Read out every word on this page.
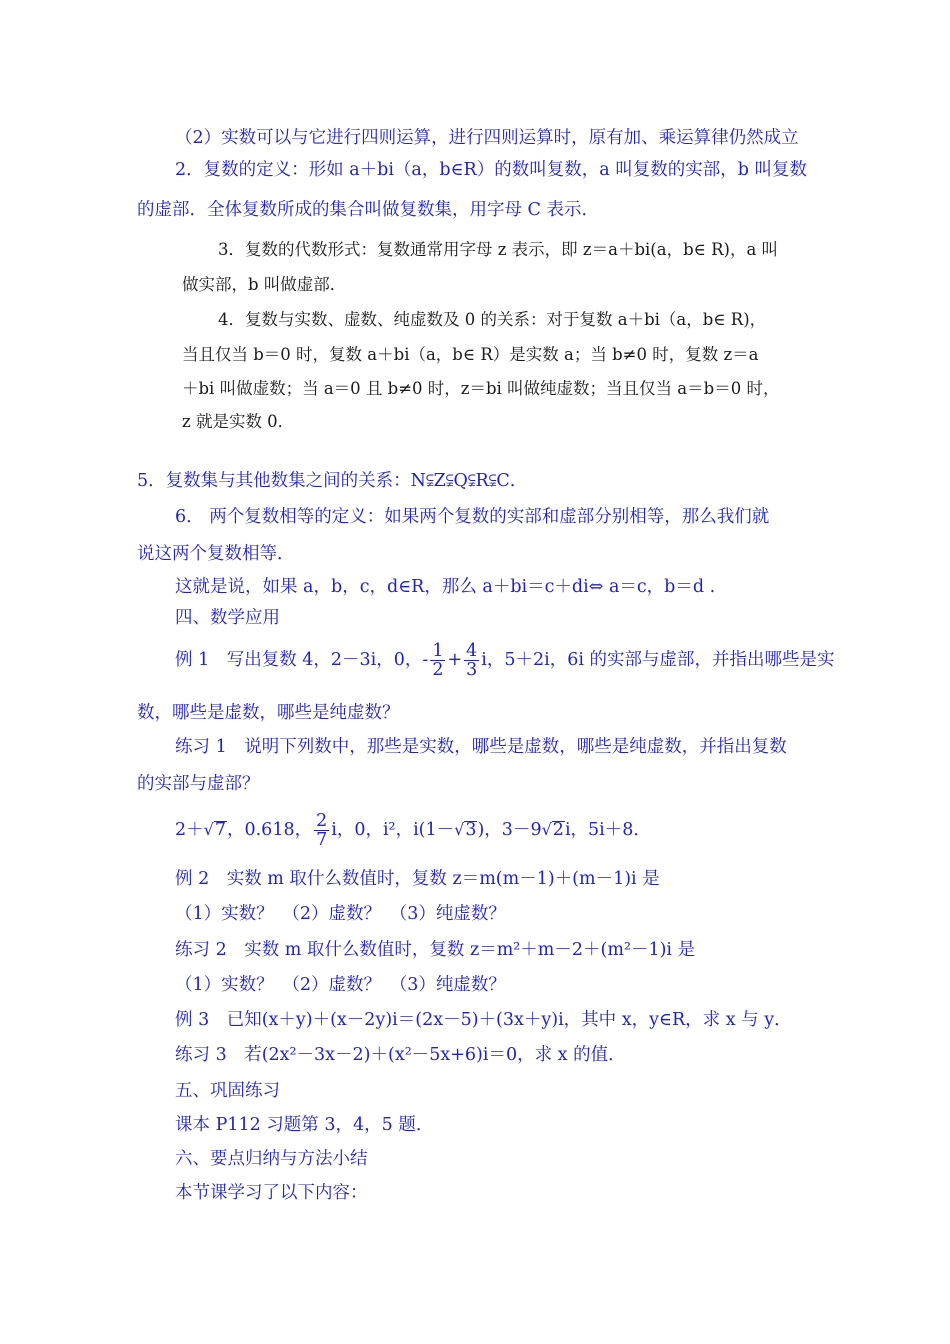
（2）实数可以与它进行四则运算，进行四则运算时，原有加、乘运算律仍然成立
2．复数的定义：形如 a＋bi（a，b∈R）的数叫复数，a 叫复数的实部，b 叫复数
的虚部．全体复数所成的集合叫做复数集，用字母 C 表示．
3．复数的代数形式：复数通常用字母 z 表示，即 z＝a＋bi(a，b∈ R)，a 叫
做实部，b 叫做虚部．
4．复数与实数、虚数、纯虚数及 0 的关系：对于复数 a＋bi（a，b∈ R)，
当且仅当 b＝0 时，复数 a＋bi（a，b∈ R）是实数 a；当 b≠0 时，复数 z＝a
＋bi 叫做虚数；当 a＝0 且 b≠0 时，z＝bi 叫做纯虚数；当且仅当 a＝b＝0 时，
z 就是实数 0．
5．复数集与其他数集之间的关系：N⫋Z⫋Q⫋R⫋C．
6． 两个复数相等的定义：如果两个复数的实部和虚部分别相等，那么我们就
说这两个复数相等．
这就是说，如果 a，b，c，d∈R，那么 a＋bi＝c＋di⇔ a＝c，b＝d .
四、数学应用
例 1　写出复数 4，2－3i，0，- $\frac{1}{2} + \frac{4}{3}$ i，5＋2i，6i 的实部与虚部，并指出哪些是实
数，哪些是虚数，哪些是纯虚数？
练习 1　说明下列数中，那些是实数，哪些是虚数，哪些是纯虚数，并指出复数
的实部与虚部？
2＋√7，0.618， $\frac{2}{7}$ i，0，i²，i(1－√3)，3－9√2i，5i＋8．
例 2　实数 m 取什么数值时，复数 z＝m(m－1)＋(m－1)i 是
（1）实数？　（2）虚数？　（3）纯虚数？
练习 2　实数 m 取什么数值时，复数 z＝m²＋m－2＋(m²－1)i 是
（1）实数？　（2）虚数？　（3）纯虚数？
例 3　已知(x＋y)＋(x－2y)i＝(2x－5)＋(3x＋y)i，其中 x，y∈R，求 x 与 y．
练习 3　若(2x²－3x－2)＋(x²－5x+6)i＝0，求 x 的值．
五、巩固练习
课本 P112 习题第 3，4，5 题．
六、要点归纳与方法小结
本节课学习了以下内容：
